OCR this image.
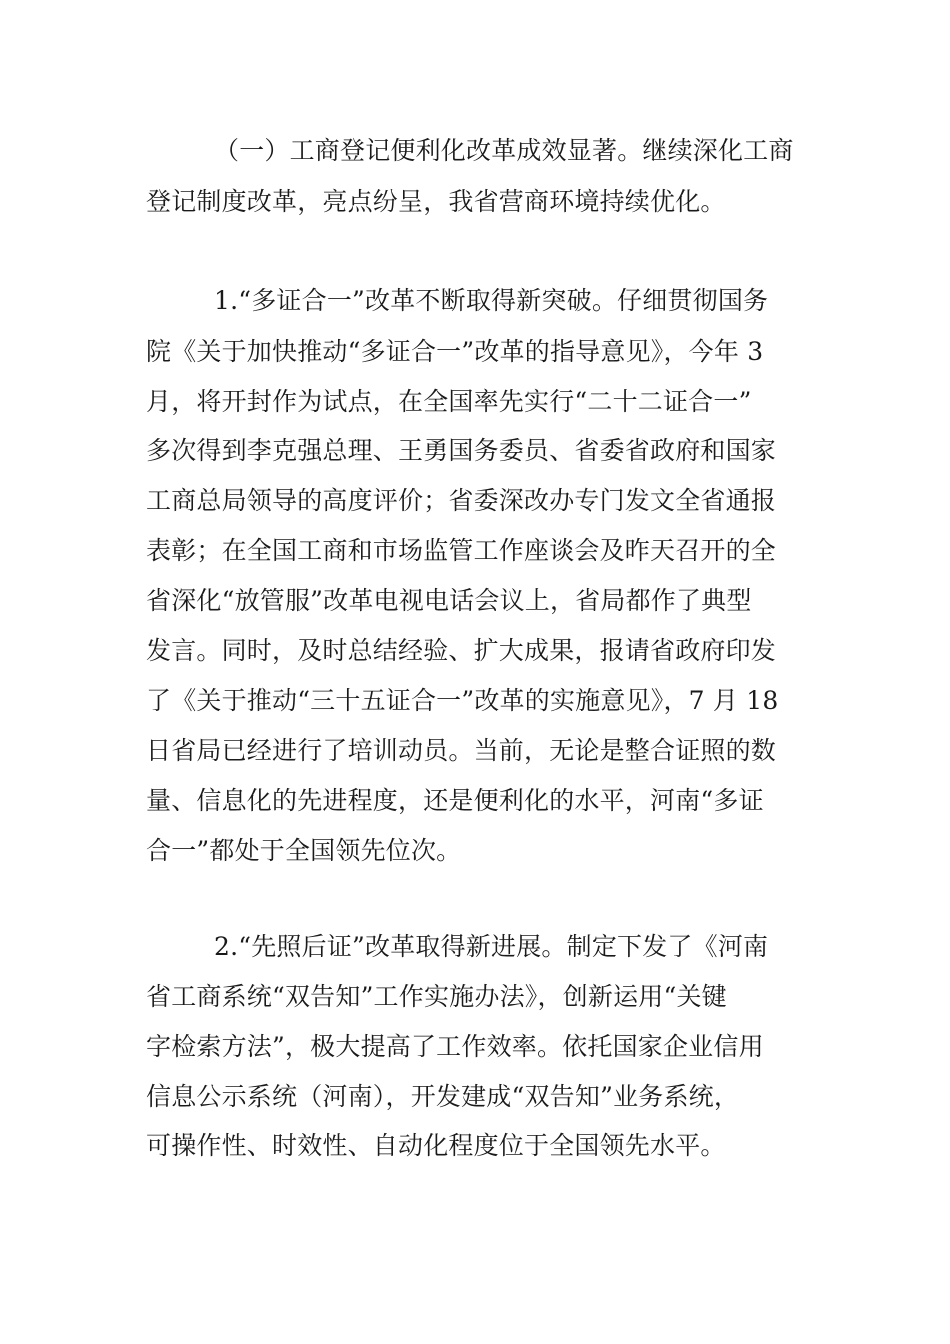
（一）工商登记便利化改革成效显著。继续深化工商
登记制度改革，亮点纷呈，我省营商环境持续优化。
1.“多证合一”改革不断取得新突破。仔细贯彻国务
院《关于加快推动“多证合一”改革的指导意见》，今年 3
月，将开封作为试点，在全国率先实行“二十二证合一”
多次得到李克强总理、王勇国务委员、省委省政府和国家
工商总局领导的高度评价；省委深改办专门发文全省通报
表彰；在全国工商和市场监管工作座谈会及昨天召开的全
省深化“放管服”改革电视电话会议上，省局都作了典型
发言。同时，及时总结经验、扩大成果，报请省政府印发
了《关于推动“三十五证合一”改革的实施意见》，7 月 18
日省局已经进行了培训动员。当前，无论是整合证照的数
量、信息化的先进程度，还是便利化的水平，河南“多证
合一”都处于全国领先位次。
2.“先照后证”改革取得新进展。制定下发了《河南
省工商系统“双告知”工作实施办法》，创新运用“关键
字检索方法”，极大提高了工作效率。依托国家企业信用
信息公示系统（河南），开发建成“双告知”业务系统，
可操作性、时效性、自动化程度位于全国领先水平。
